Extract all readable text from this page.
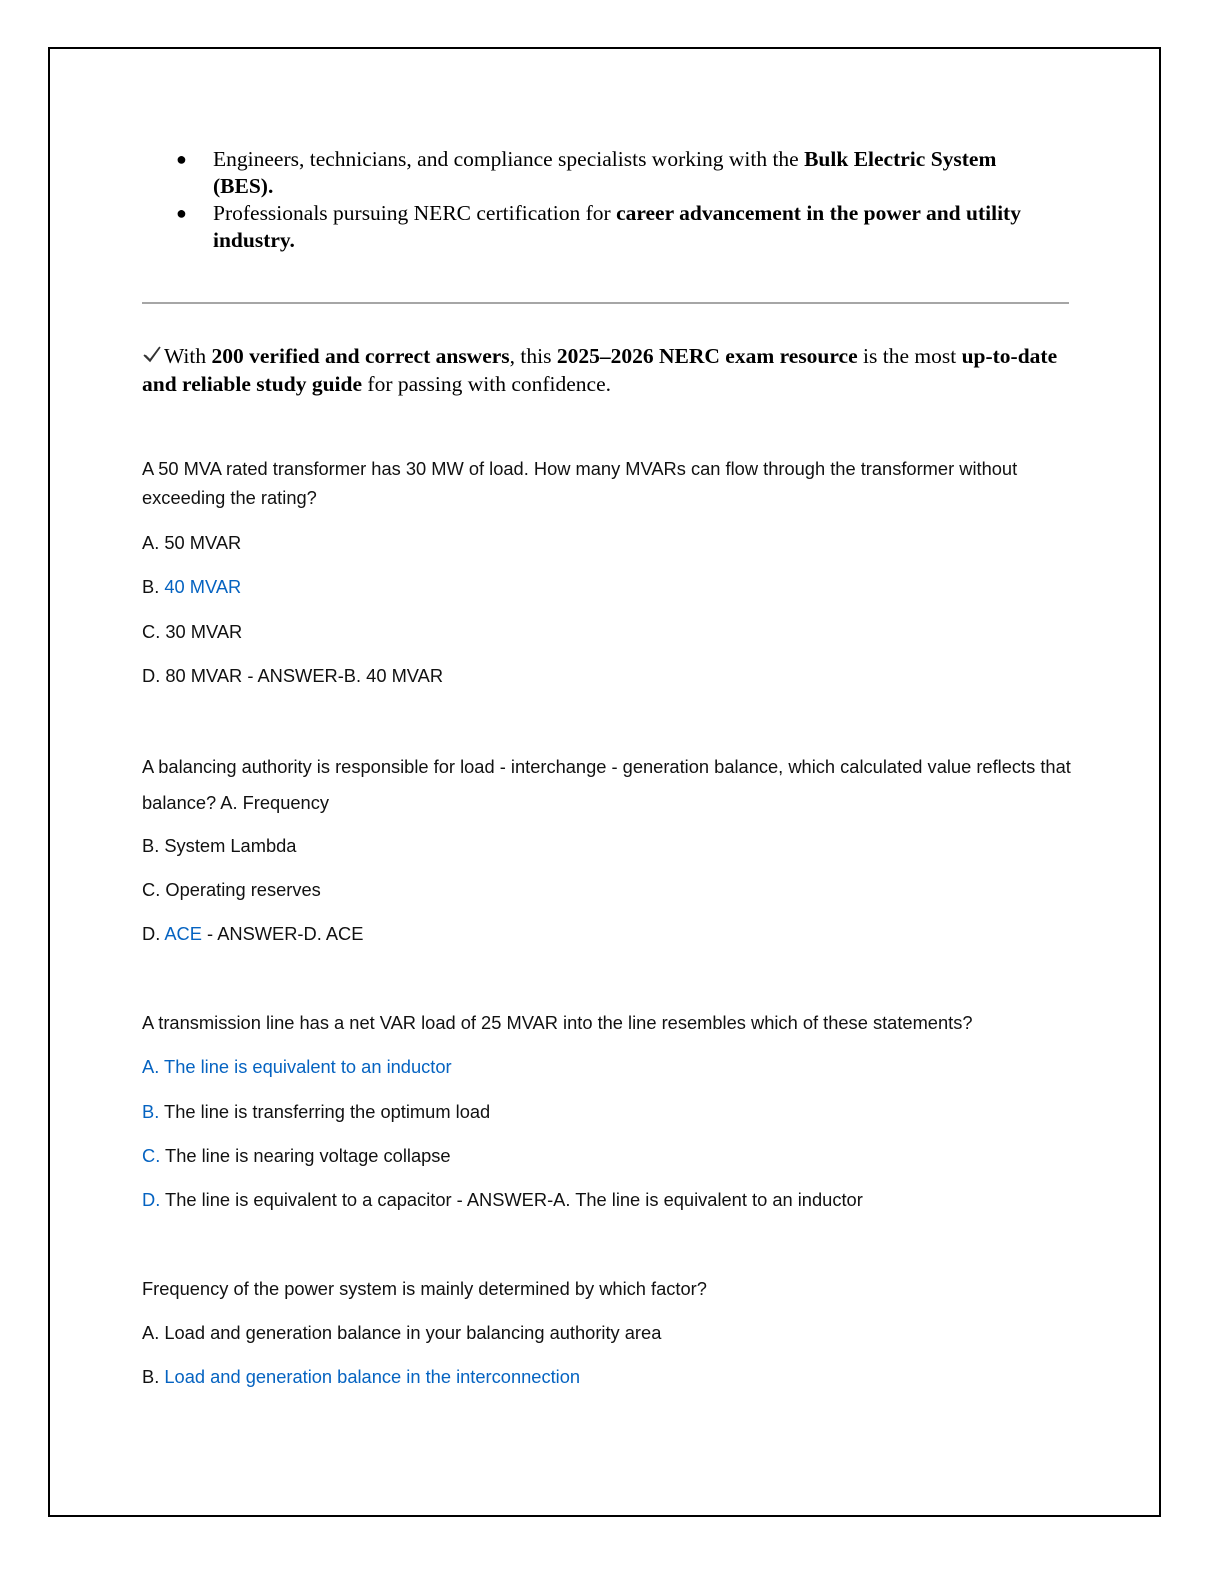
● Engineers, technicians, and compliance specialists working with the Bulk Electric System (BES).
● Professionals pursuing NERC certification for career advancement in the power and utility industry.
With 200 verified and correct answers, this 2025–2026 NERC exam resource is the most up-to-date and reliable study guide for passing with confidence.
A 50 MVA rated transformer has 30 MW of load. How many MVARs can flow through the transformer without exceeding the rating?
A. 50 MVAR
B. 40 MVAR
C. 30 MVAR
D. 80 MVAR - ANSWER-B. 40 MVAR
A balancing authority is responsible for load - interchange - generation balance, which calculated value reflects that balance? A. Frequency
B. System Lambda
C. Operating reserves
D. ACE - ANSWER-D. ACE
A transmission line has a net VAR load of 25 MVAR into the line resembles which of these statements?
A. The line is equivalent to an inductor
B. The line is transferring the optimum load
C. The line is nearing voltage collapse
D. The line is equivalent to a capacitor - ANSWER-A. The line is equivalent to an inductor
Frequency of the power system is mainly determined by which factor?
A. Load and generation balance in your balancing authority area
B. Load and generation balance in the interconnection
